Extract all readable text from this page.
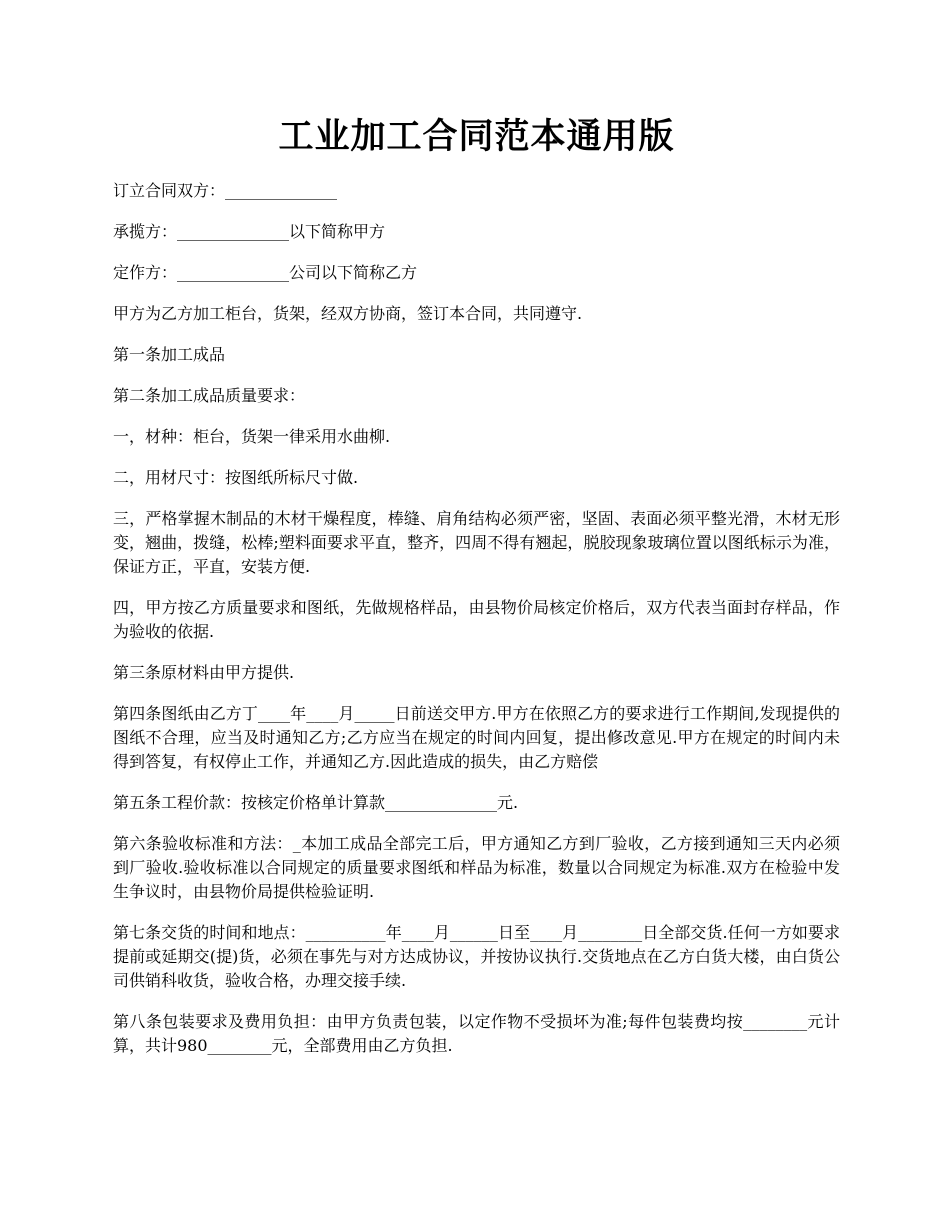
工业加工合同范本通用版

订立合同双方：______________

承揽方：______________以下简称甲方

定作方：______________公司以下简称乙方

甲方为乙方加工柜台，货架，经双方协商，签订本合同，共同遵守.

第一条加工成品

第二条加工成品质量要求：

一，材种：柜台，货架一律采用水曲柳.

二，用材尺寸：按图纸所标尺寸做.

三，严格掌握木制品的木材干燥程度，棒缝、肩角结构必须严密，坚固、表面必须平整光滑，木材无形变，翘曲，拨缝，松棒;塑料面要求平直，整齐，四周不得有翘起，脱胶现象玻璃位置以图纸标示为准，保证方正，平直，安装方便.

四，甲方按乙方质量要求和图纸，先做规格样品，由县物价局核定价格后，双方代表当面封存样品，作为验收的依据.

第三条原材料由甲方提供.

第四条图纸由乙方丁____年____月_____日前送交甲方.甲方在依照乙方的要求进行工作期间,发现提供的图纸不合理，应当及时通知乙方;乙方应当在规定的时间内回复，提出修改意见.甲方在规定的时间内未得到答复，有权停止工作，并通知乙方.因此造成的损失，由乙方赔偿

第五条工程价款：按核定价格单计算款______________元.

第六条验收标准和方法：_本加工成品全部完工后，甲方通知乙方到厂验收，乙方接到通知三天内必须到厂验收.验收标准以合同规定的质量要求图纸和样品为标准，数量以合同规定为标准.双方在检验中发生争议时，由县物价局提供检验证明.

第七条交货的时间和地点：__________年____月______日至____月________日全部交货.任何一方如要求提前或延期交(提)货，必须在事先与对方达成协议，并按协议执行.交货地点在乙方白货大楼，由白货公司供销科收货，验收合格，办理交接手续.

第八条包装要求及费用负担：由甲方负责包装，以定作物不受损坏为准;每件包装费均按________元计算，共计980________元，全部费用由乙方负担.
